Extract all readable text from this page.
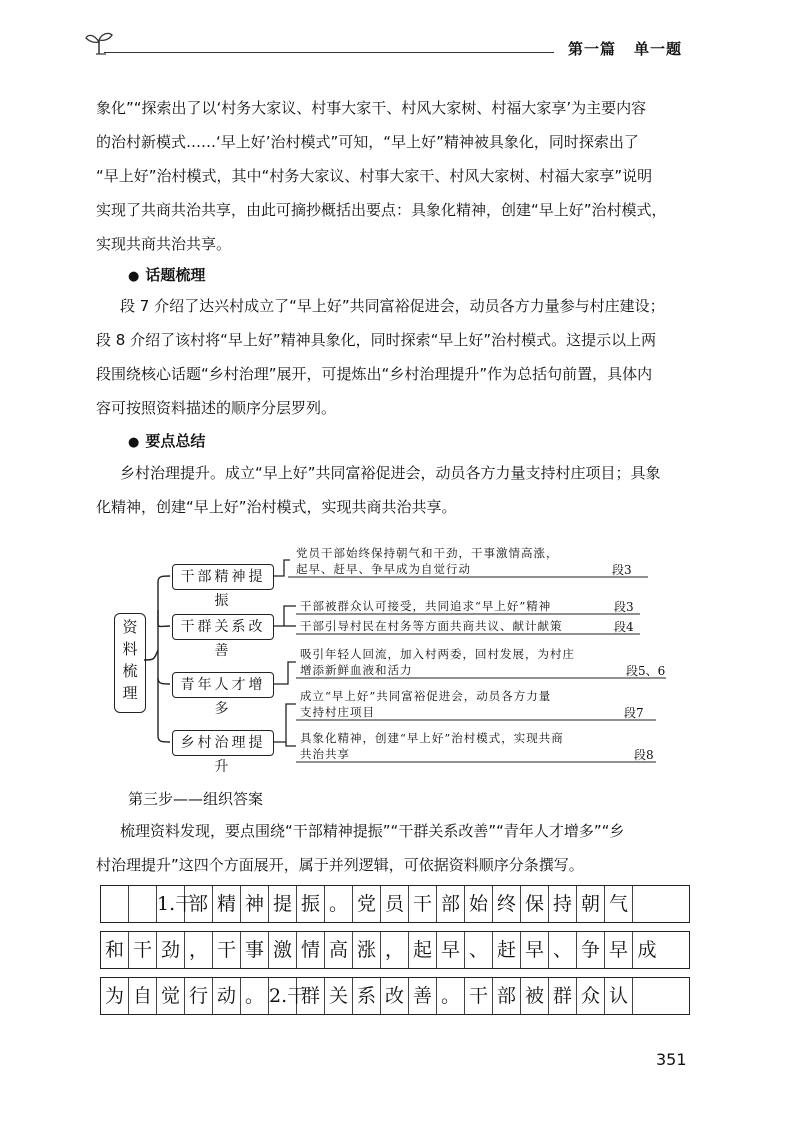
第一篇 单一题
象化”“探索出了以‘村务大家议、村事大家干、村风大家树、村福大家享’为主要内容
的治村新模式……‘早上好’治村模式”可知，“早上好”精神被具象化，同时探索出了
“早上好”治村模式，其中“村务大家议、村事大家干、村风大家树、村福大家享”说明
实现了共商共治共享，由此可摘抄概括出要点：具象化精神，创建“早上好”治村模式，
实现共商共治共享。
● 话题梳理
段 7 介绍了达兴村成立了“早上好”共同富裕促进会，动员各方力量参与村庄建设；
段 8 介绍了该村将“早上好”精神具象化，同时探索“早上好”治村模式。这提示以上两
段围绕核心话题“乡村治理”展开，可提炼出“乡村治理提升”作为总括句前置，具体内
容可按照资料描述的顺序分层罗列。
● 要点总结
乡村治理提升。成立“早上好”共同富裕促进会，动员各方力量支持村庄项目；具象
化精神，创建“早上好”治村模式，实现共商共治共享。
资料梳理
干部精神提振
干群关系改善
青年人才增多
乡村治理提升
党员干部始终保持朝气和干劲，干事激情高涨，
起早、赶早、争早成为自觉行动	段3
干部被群众认可接受，共同追求“早上好”精神	段3
干部引导村民在村务等方面共商共议、献计献策	段4
吸引年轻人回流，加入村两委，回村发展，为村庄
增添新鲜血液和活力	段5、6
成立“早上好”共同富裕促进会，动员各方力量
支持村庄项目	段7
具象化精神，创建“早上好”治村模式，实现共商
共治共享	段8
第三步——组织答案
梳理资料发现，要点围绕“干部精神提振”“干群关系改善”“青年人才增多”“乡
村治理提升”这四个方面展开，属于并列逻辑，可依据资料顺序分条撰写。
1.干
部 精 神 提 振 。 党 员 干 部 始 终 保 持 朝 气
和 干 劲 ， 干 事 激 情 高 涨 ， 起 早 、 赶 早 、 争 早 成
为 自 觉 行 动 。 2.干
群 关 系 改 善 。 干 部 被 群 众 认
351
